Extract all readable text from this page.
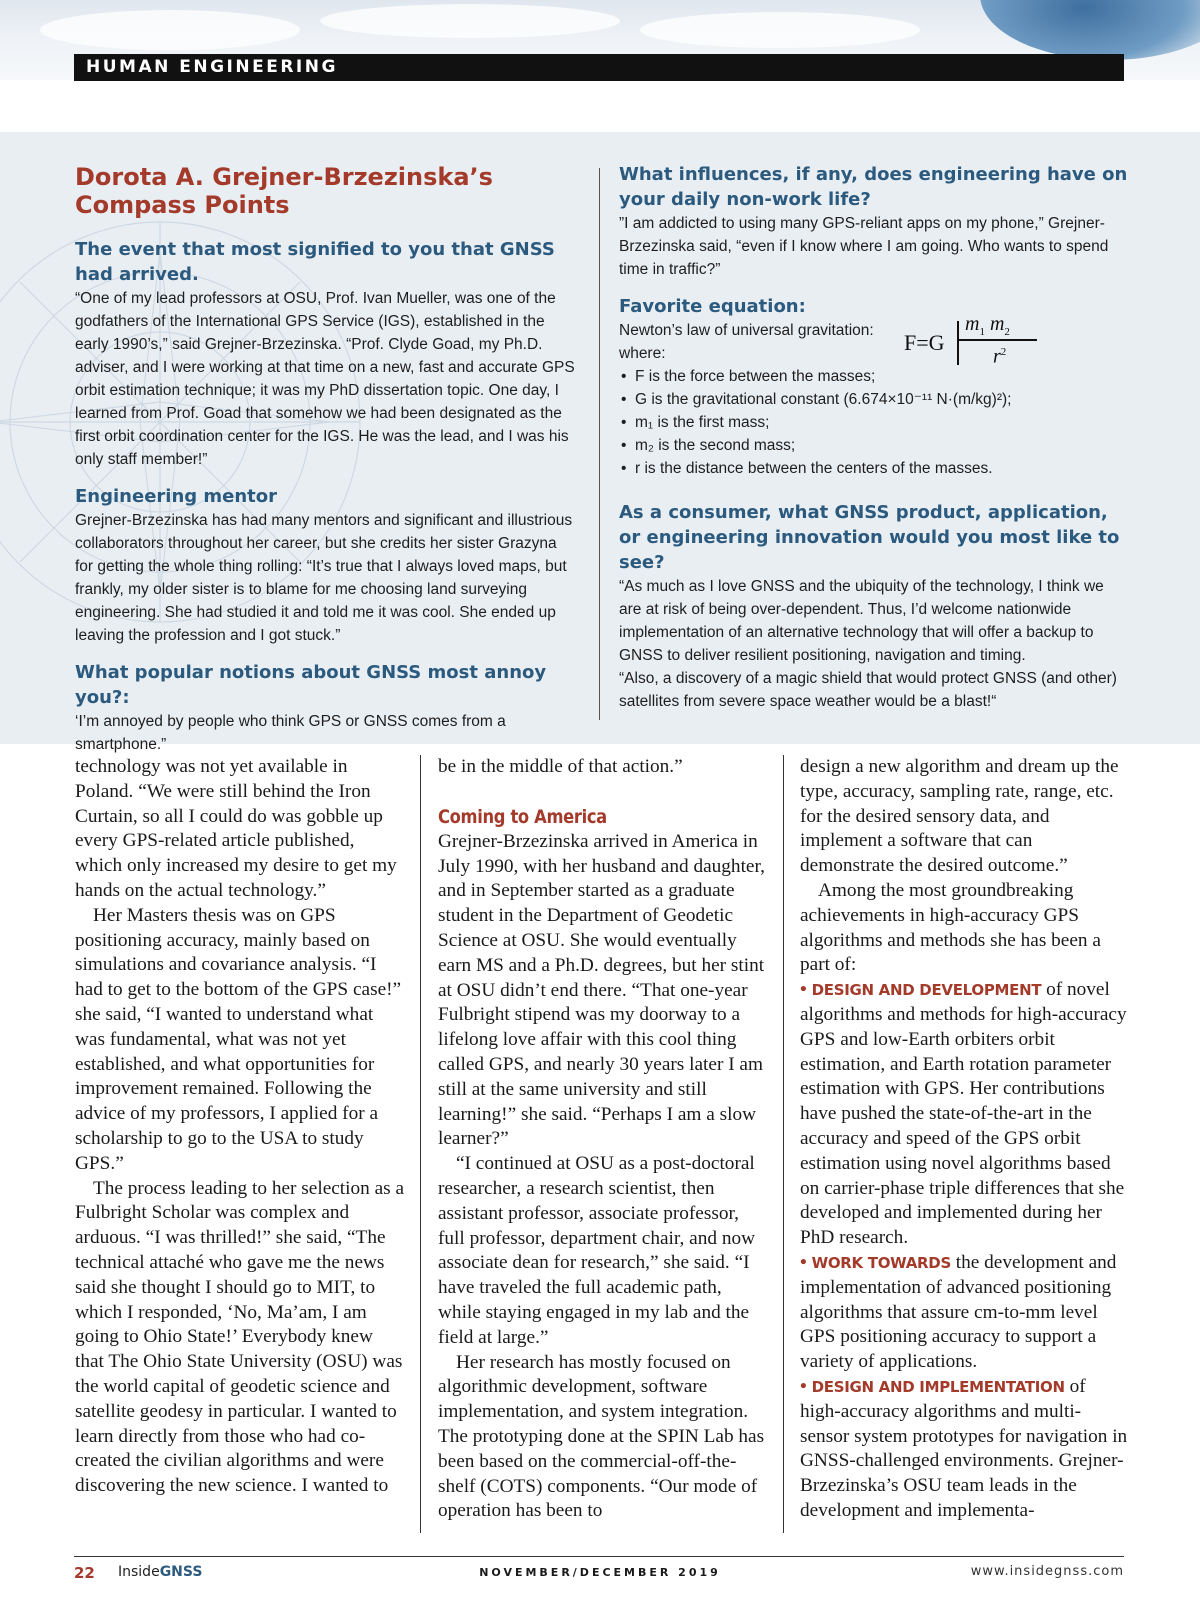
HUMAN ENGINEERING
Dorota A. Grejner-Brzezinska’s
Compass Points
The event that most signified to you that GNSS had arrived.

“One of my lead professors at OSU, Prof. Ivan Mueller, was one of the godfathers of the International GPS Service (IGS), established in the early 1990’s,” said Grejner-Brzezinska. “Prof. Clyde Goad, my Ph.D. adviser, and I were working at that time on a new, fast and accurate GPS orbit estimation technique; it was my PhD dissertation topic. One day, I learned from Prof. Goad that somehow we had been designated as the first orbit coordination center for the IGS. He was the lead, and I was his only staff member!”

Engineering mentor

Grejner-Brzezinska has had many mentors and significant and illustrious collaborators throughout her career, but she credits her sister Grazyna for getting the whole thing rolling: “It’s true that I always loved maps, but frankly, my older sister is to blame for me choosing land surveying engineering. She had studied it and told me it was cool. She ended up leaving the profession and I got stuck.”

What popular notions about GNSS most annoy you?:

‘I’m annoyed by people who think GPS or GNSS comes from a smartphone.”

What influences, if any, does engineering have on your daily non-work life?

”I am addicted to using many GPS-reliant apps on my phone,” Grejner-Brzezinska said, “even if I know where I am going. Who wants to spend time in traffic?”

Favorite equation:
Newton’s law of universal gravitation: F=G
$m_1$ $m_2$
$r^2$
where:
• F is the force between the masses;
• G is the gravitational constant (6.674×10⁻¹¹ N·(m/kg)²);
• m₁ is the first mass;
• m₂ is the second mass;
• r is the distance between the centers of the masses.
As a consumer, what GNSS product, application, or engineering innovation would you most like to see?

“As much as I love GNSS and the ubiquity of the technology, I think we are at risk of being over-dependent. Thus, I’d welcome nationwide implementation of an alternative technology that will offer a backup to GNSS to deliver resilient positioning, navigation and timing.

“Also, a discovery of a magic shield that would protect GNSS (and other) satellites from severe space weather would be a blast!“

technology was not yet available in Poland. “We were still behind the Iron Curtain, so all I could do was gobble up every GPS-related article published, which only increased my desire to get my hands on the actual technology.”

Her Masters thesis was on GPS positioning accuracy, mainly based on simulations and covariance analysis. “I had to get to the bottom of the GPS case!” she said, “I wanted to understand what was fundamental, what was not yet established, and what opportunities for improvement remained. Following the advice of my professors, I applied for a scholarship to go to the USA to study GPS.”

The process leading to her selection as a Fulbright Scholar was complex and arduous. “I was thrilled!” she said, “The technical attaché who gave me the news said she thought I should go to MIT, to which I responded, ‘No, Ma’am, I am going to Ohio State!’ Everybody knew that The Ohio State University (OSU) was the world capital of geodetic science and satellite geodesy in particular. I wanted to learn directly from those who had co-created the civilian algorithms and were discovering the new science. I wanted to

be in the middle of that action.”

Coming to America

Grejner-Brzezinska arrived in America in July 1990, with her husband and daughter, and in September started as a graduate student in the Department of Geodetic Science at OSU. She would eventually earn MS and a Ph.D. degrees, but her stint at OSU didn’t end there. “That one-year Fulbright stipend was my doorway to a lifelong love affair with this cool thing called GPS, and nearly 30 years later I am still at the same university and still learning!” she said. “Perhaps I am a slow learner?”

“I continued at OSU as a post-doctoral researcher, a research scientist, then assistant professor, associate professor, full professor, department chair, and now associate dean for research,” she said. “I have traveled the full academic path, while staying engaged in my lab and the field at large.”

Her research has mostly focused on algorithmic development, software implementation, and system integration. The prototyping done at the SPIN Lab has been based on the commercial-off-the-shelf (COTS) components. “Our mode of operation has been to

design a new algorithm and dream up the type, accuracy, sampling rate, range, etc. for the desired sensory data, and implement a software that can demonstrate the desired outcome.”

Among the most groundbreaking achievements in high-accuracy GPS algorithms and methods she has been a part of:

• DESIGN AND DEVELOPMENT of novel algorithms and methods for high-accuracy GPS and low-Earth orbiters orbit estimation, and Earth rotation parameter estimation with GPS. Her contributions have pushed the state-of-the-art in the accuracy and speed of the GPS orbit estimation using novel algorithms based on carrier-phase triple differences that she developed and implemented during her PhD research.

• WORK TOWARDS the development and implementation of advanced positioning algorithms that assure cm-to-mm level GPS positioning accuracy to support a variety of applications.

• DESIGN AND IMPLEMENTATION of high-accuracy algorithms and multi-sensor system prototypes for navigation in GNSS-challenged environments. Grejner-Brzezinska’s OSU team leads in the development and implementa-

22 InsideGNSS	NOVEMBER/DECEMBER 2019	www.insidegnss.com
